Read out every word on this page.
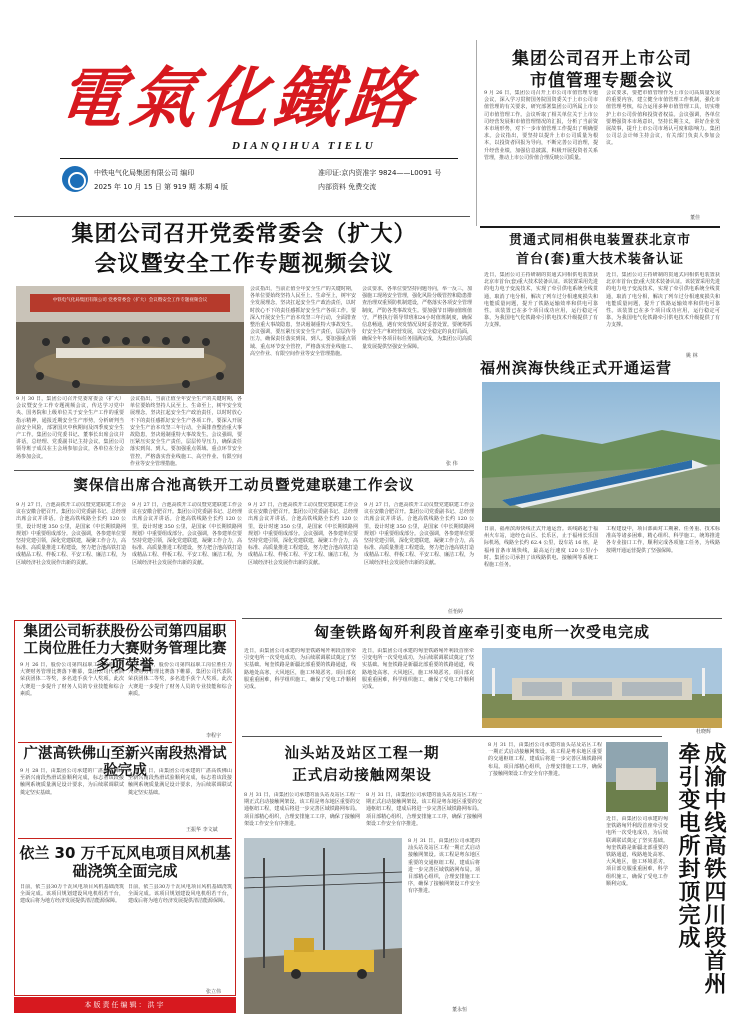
電氣化鐵路
DIANQIHUA TIELU
中铁电气化局集团有限公司 编印
2025 年 10 月 15 日 第 919 期 本期 4 版
准印证:京内资准字 9824——L0091 号
内部资料 免费交流
集团公司召开上市公司
市值管理专题会议
9 月 26 日，集团公司召开上市公司市值管理专题会议，深入学习贯彻国务院国资委关于上市公司市值管理的有关要求，研究部署集团公司所属上市公司市值管理工作。会议听取了相关单位关于上市公司经营发展和市值管理情况的汇报，分析了当前资本市场形势，对下一步市值管理工作提出了明确要求。会议指出，要坚持以提升上市公司质量为根本，以投资者回报为导向，不断完善公司治理，提升经营业绩，加强信息披露，积极开展投资者关系管理，推动上市公司价值合理反映公司质量。
会议要求，要把市值管理作为上市公司高质量发展的重要内容，建立健全市值管理工作机制，强化市值管理考核，综合运用多种市值管理工具，切实维护上市公司价值和投资者权益。会议强调，各单位要增强资本市场意识，坚持长期主义，讲好企业发展故事，提升上市公司市场认可度和影响力。集团公司总会计师主持会议，有关部门负责人参加会议。
董佳
集团公司召开党委常委会（扩大）
会议暨安全工作专题视频会议
中铁电气化局集团有限公司 党委常委会（扩大）会议暨安全工作专题视频会议
9 月 30 日，集团公司召开党委常委会（扩大）会议暨安全工作专题视频会议，传达学习党中央、国务院和上级单位关于安全生产工作的重要指示精神，通报近期安全生产形势，分析研判当前安全风险，部署国庆中秋期间及四季度安全生产工作。集团公司党委书记、董事长出席会议并讲话，总经理、党委副书记主持会议。集团公司领导班子成员在主会场参加会议，各单位在分会场参加会议。
会议指出，当前正值全年安全生产的关键时期，各单位要始终坚持人民至上、生命至上，树牢安全发展理念，坚决扛起安全生产政治责任，以时时放心不下的责任感抓好安全生产各项工作。要深入开展安全生产治本攻坚三年行动，全面排查整治重大事故隐患，坚决遏制重特大事故发生。会议强调，要压紧压实安全生产责任，层层传导压力，确保责任落实到岗、到人。要加强重点领域、重点环节安全管控，严格落实营业线施工、高空作业、有限空间作业等安全管理措施。
会议指出，当前正值全年安全生产的关键时期，各单位要始终坚持人民至上、生命至上，树牢安全发展理念，坚决扛起安全生产政治责任，以时时放心不下的责任感抓好安全生产各项工作。要深入开展安全生产治本攻坚三年行动，全面排查整治重大事故隐患，坚决遏制重特大事故发生。会议强调，要压紧压实安全生产责任，层层传导压力，确保责任落实到岗、到人。要加强重点领域、重点环节安全管控，严格落实营业线施工、高空作业、有限空间作业等安全管理措施。
会议要求，各单位要坚持问题导向，举一反三，加强施工现场安全管理，强化风险分级管控和隐患排查治理双重预防机制建设，严格落实各项安全管理制度，严防各类事故发生。要加强节日期间值班值守，严格执行领导带班和24小时值班制度，确保信息畅通，遇有突发情况及时妥善处置。要统筹抓好安全生产和经营发展，以安全稳定的良好局面，确保全年各项目标任务圆满完成，为集团公司高质量发展提供坚强安全保障。
张 伟
贯通式同相供电装置获北京市
首台(套)重大技术装备认证
近日，集团公司主持研制的贯通式同相供电装置获北京市首台(套)重大技术装备认证。该装置采用先进的电力电子变流技术，实现了牵引供电系统全线贯通，取消了电分相，解决了列车过分相速度损失和电能质量问题，提升了铁路运输效率和供电可靠性。该装置已在多个项目成功应用，运行稳定可靠，为我国电气化铁路牵引供电技术升级提供了有力支撑。
近日，集团公司主持研制的贯通式同相供电装置获北京市首台(套)重大技术装备认证。该装置采用先进的电力电子变流技术，实现了牵引供电系统全线贯通，取消了电分相，解决了列车过分相速度损失和电能质量问题，提升了铁路运输效率和供电可靠性。该装置已在多个项目成功应用，运行稳定可靠，为我国电气化铁路牵引供电技术升级提供了有力支撑。
姚 林
福州滨海快线正式开通运营
日前，福州滨海快线正式开通运营。该线路起于福州火车站，途经仓山区、长乐区，止于福州长乐国际机场，线路全长约 62.4 公里，设车站 16 座，是福州首条市域快线，最高运行速度 120 公里/小时。集团公司承担了该线路供电、接触网等系统工程施工任务。
工程建设中，项目部面对工期紧、任务重、技术标准高等诸多困难，精心组织、科学施工，统筹推进各专业接口工作，顺利完成各项施工任务，为线路按期开通运营提供了坚强保障。
窦保信出席合池高铁开工动员暨党建联建工作会议
9 月 27 日，合池高铁开工动员暨党建联建工作会议在安徽合肥召开。集团公司党委副书记、总经理出席会议并讲话。合池高铁线路全长约 120 公里，设计时速 350 公里，是国家《中长期铁路网规划》中重要组成部分。会议强调，各参建单位要坚持党建引领，深化党建联建，凝聚工作合力，高标准、高质量推进工程建设，努力把合池高铁打造成精品工程、样板工程、平安工程、廉洁工程，为区域经济社会发展作出新的贡献。
9 月 27 日，合池高铁开工动员暨党建联建工作会议在安徽合肥召开。集团公司党委副书记、总经理出席会议并讲话。合池高铁线路全长约 120 公里，设计时速 350 公里，是国家《中长期铁路网规划》中重要组成部分。会议强调，各参建单位要坚持党建引领，深化党建联建，凝聚工作合力，高标准、高质量推进工程建设，努力把合池高铁打造成精品工程、样板工程、平安工程、廉洁工程，为区域经济社会发展作出新的贡献。
9 月 27 日，合池高铁开工动员暨党建联建工作会议在安徽合肥召开。集团公司党委副书记、总经理出席会议并讲话。合池高铁线路全长约 120 公里，设计时速 350 公里，是国家《中长期铁路网规划》中重要组成部分。会议强调，各参建单位要坚持党建引领，深化党建联建，凝聚工作合力，高标准、高质量推进工程建设，努力把合池高铁打造成精品工程、样板工程、平安工程、廉洁工程，为区域经济社会发展作出新的贡献。
9 月 27 日，合池高铁开工动员暨党建联建工作会议在安徽合肥召开。集团公司党委副书记、总经理出席会议并讲话。合池高铁线路全长约 120 公里，设计时速 350 公里，是国家《中长期铁路网规划》中重要组成部分。会议强调，各参建单位要坚持党建引领，深化党建联建，凝聚工作合力，高标准、高质量推进工程建设，努力把合池高铁打造成精品工程、样板工程、平安工程、廉洁工程，为区域经济社会发展作出新的贡献。
任怡婷
匈奎铁路匈歼利段首座牵引变电所一次受电完成
近日，由集团公司承建的匈奎铁路匈歼利段首座牵引变电所一次受电成功，为后续联调联试奠定了坚实基础。匈奎铁路是新疆北部重要的铁路通道，线路地处高寒、大风地区，施工环境恶劣。项目部克服重重困难，科学组织施工，确保了受电工作顺利完成。
近日，由集团公司承建的匈奎铁路匈歼利段首座牵引变电所一次受电成功，为后续联调联试奠定了坚实基础。匈奎铁路是新疆北部重要的铁路通道，线路地处高寒、大风地区，施工环境恶劣。项目部克服重重困难，科学组织施工，确保了受电工作顺利完成。
杜晓辉
汕头站及站区工程一期
正式启动接触网架设
8 月 31 日，由集团公司承建的汕头站及站区工程一期正式启动接触网架设。该工程是粤东地区重要的交通枢纽工程，建成后将进一步完善区域铁路网布局。项目部精心组织，合理安排施工工序，确保了接触网架设工作安全有序推进。
8 月 31 日，由集团公司承建的汕头站及站区工程一期正式启动接触网架设。该工程是粤东地区重要的交通枢纽工程，建成后将进一步完善区域铁路网布局。项目部精心组织，合理安排施工工序，确保了接触网架设工作安全有序推进。
8 月 31 日，由集团公司承建的汕头站及站区工程一期正式启动接触网架设。该工程是粤东地区重要的交通枢纽工程，建成后将进一步完善区域铁路网布局。项目部精心组织，合理安排施工工序，确保了接触网架设工作安全有序推进。
董永恒
8 月 31 日，由集团公司承建的汕头站及站区工程一期正式启动接触网架设。该工程是粤东地区重要的交通枢纽工程，建成后将进一步完善区域铁路网布局。项目部精心组织，合理安排施工工序，确保了接触网架设工作安全有序推进。
近日，由集团公司承建的匈奎铁路匈歼利段首座牵引变电所一次受电成功，为后续联调联试奠定了坚实基础。匈奎铁路是新疆北部重要的铁路通道，线路地处高寒、大风地区，施工环境恶劣。项目部克服重重困难，科学组织施工，确保了受电工作顺利完成。	成渝中线高铁四川段首州牵引变电所封顶完成
集团公司斩获股份公司第四届职工岗位胜任力大赛财务管理比赛多项荣誉
9 月 26 日，股份公司第四届职工岗位胜任力大赛财务管理比赛落下帷幕，集团公司代表队荣获团体二等奖，多名选手获个人奖项。此次大赛进一步提升了财务人员的专业技能和综合素质。
9 月 26 日，股份公司第四届职工岗位胜任力大赛财务管理比赛落下帷幕，集团公司代表队荣获团体二等奖，多名选手获个人奖项。此次大赛进一步提升了财务人员的专业技能和综合素质。
李程宇
广湛高铁佛山至新兴南段热滑试验完成
9 月 28 日，由集团公司承建的广湛高铁佛山至新兴南段热滑试验顺利完成，标志着该段接触网系统质量满足设计要求，为后续联调联试奠定坚实基础。
9 月 28 日，由集团公司承建的广湛高铁佛山至新兴南段热滑试验顺利完成，标志着该段接触网系统质量满足设计要求，为后续联调联试奠定坚实基础。
王振华 李文斌
依兰 30 万千瓦风电项目风机基础浇筑全面完成
日前，依兰县30万千瓦风电项目风机基础浇筑全面完成。该项目规划建设风电机组若干台，建成后将为地方经济发展提供清洁能源保障。
日前，依兰县30万千瓦风电项目风机基础浇筑全面完成。该项目规划建设风电机组若干台，建成后将为地方经济发展提供清洁能源保障。
张立伟
本版责任编辑：洪宇
